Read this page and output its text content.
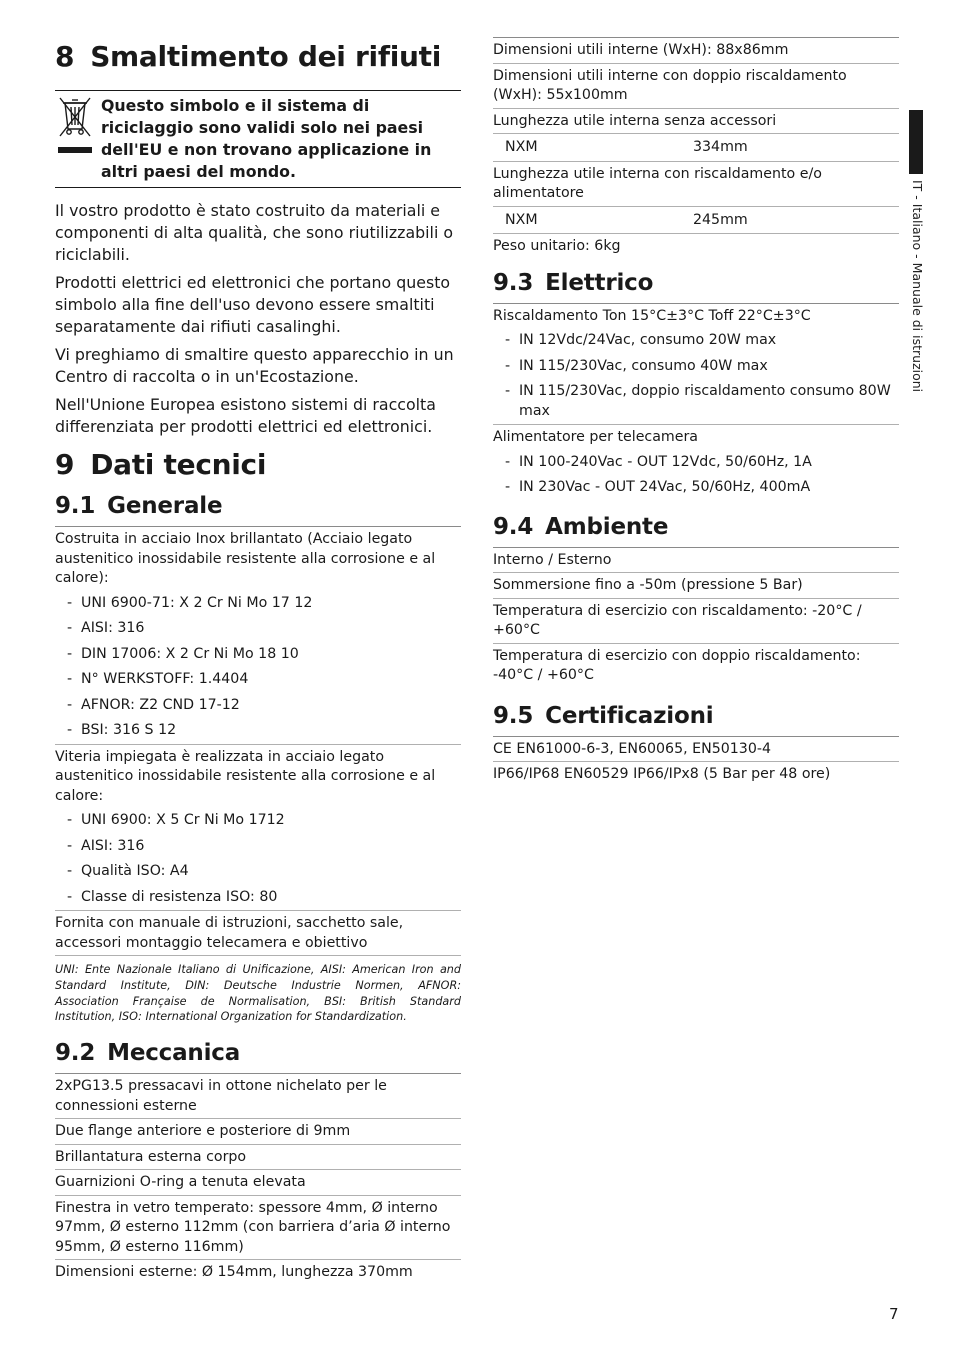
8 Smaltimento dei rifiuti
Questo simbolo e il sistema di riciclaggio sono validi solo nei paesi dell'EU e non trovano applicazione in altri paesi del mondo.

Il vostro prodotto è stato costruito da materiali e componenti di alta qualità, che sono riutilizzabili o riciclabili.

Prodotti elettrici ed elettronici che portano questo simbolo alla fine dell'uso devono essere smaltiti separatamente dai rifiuti casalinghi.

Vi preghiamo di smaltire questo apparecchio in un Centro di raccolta o in un'Ecostazione.

Nell'Unione Europea esistono sistemi di raccolta differenziata per prodotti elettrici ed elettronici.

9 Dati tecnici
9.1 Generale
Costruita in acciaio Inox brillantato (Acciaio legato austenitico inossidabile resistente alla corrosione e al calore):
- UNI 6900-71: X 2 Cr Ni Mo 17 12
- AISI: 316
- DIN 17006: X 2 Cr Ni Mo 18 10
- N° WERKSTOFF: 1.4404
- AFNOR: Z2 CND 17-12
- BSI: 316 S 12
Viteria impiegata è realizzata in acciaio legato austenitico inossidabile resistente alla corrosione e al calore:
- UNI 6900: X 5 Cr Ni Mo 1712
- AISI: 316
- Qualità ISO: A4
- Classe di resistenza ISO: 80
Fornita con manuale di istruzioni, sacchetto sale, accessori montaggio telecamera e obiettivo
UNI: Ente Nazionale Italiano di Unificazione, AISI: American Iron and Standard Institute, DIN: Deutsche Industrie Normen, AFNOR: Association Française de Normalisation, BSI: British Standard Institution, ISO: International Organization for Standardization.
9.2 Meccanica
2xPG13.5 pressacavi in ottone nichelato per le connessioni esterne
Due flange anteriore e posteriore di 9mm
Brillantatura esterna corpo
Guarnizioni O-ring a tenuta elevata
Finestra in vetro temperato: spessore 4mm, Ø interno 97mm, Ø esterno 112mm (con barriera d’aria Ø interno 95mm, Ø esterno 116mm)
Dimensioni esterne: Ø 154mm, lunghezza 370mm
Dimensioni utili interne (WxH): 88x86mm
Dimensioni utili interne con doppio riscaldamento (WxH): 55x100mm
Lunghezza utile interna senza accessori
NXM	334mm
Lunghezza utile interna con riscaldamento e/o alimentatore
NXM	245mm
Peso unitario: 6kg
9.3 Elettrico
Riscaldamento Ton 15°C±3°C Toff 22°C±3°C
- IN 12Vdc/24Vac, consumo 20W max
- IN 115/230Vac, consumo 40W max
- IN 115/230Vac, doppio riscaldamento consumo 80W max
Alimentatore per telecamera
- IN 100-240Vac - OUT 12Vdc, 50/60Hz, 1A
- IN 230Vac - OUT 24Vac, 50/60Hz, 400mA
9.4 Ambiente
Interno / Esterno
Sommersione fino a -50m (pressione 5 Bar)
Temperatura di esercizio con riscaldamento: -20°C / +60°C
Temperatura di esercizio con doppio riscaldamento: -40°C / +60°C
9.5 Certificazioni
CE EN61000-6-3, EN60065, EN50130-4
IP66/IP68 EN60529 IP66/IPx8 (5 Bar per 48 ore)
IT - Italiano - Manuale di istruzioni
7
